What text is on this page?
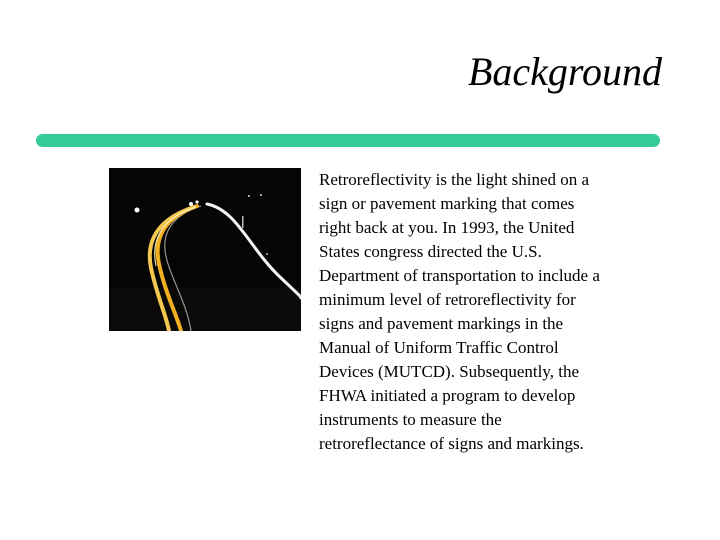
Background

Retroreflectivity is the light shined on a
sign or pavement marking that comes
right back at you. In 1993, the United
States congress directed the U.S.
Department of transportation to include a
minimum level of retroreflectivity for
signs and pavement markings in the
Manual of Uniform Traffic Control
Devices (MUTCD). Subsequently, the
FHWA initiated a program to develop
instruments to measure the
retroreflectance of signs and markings.
